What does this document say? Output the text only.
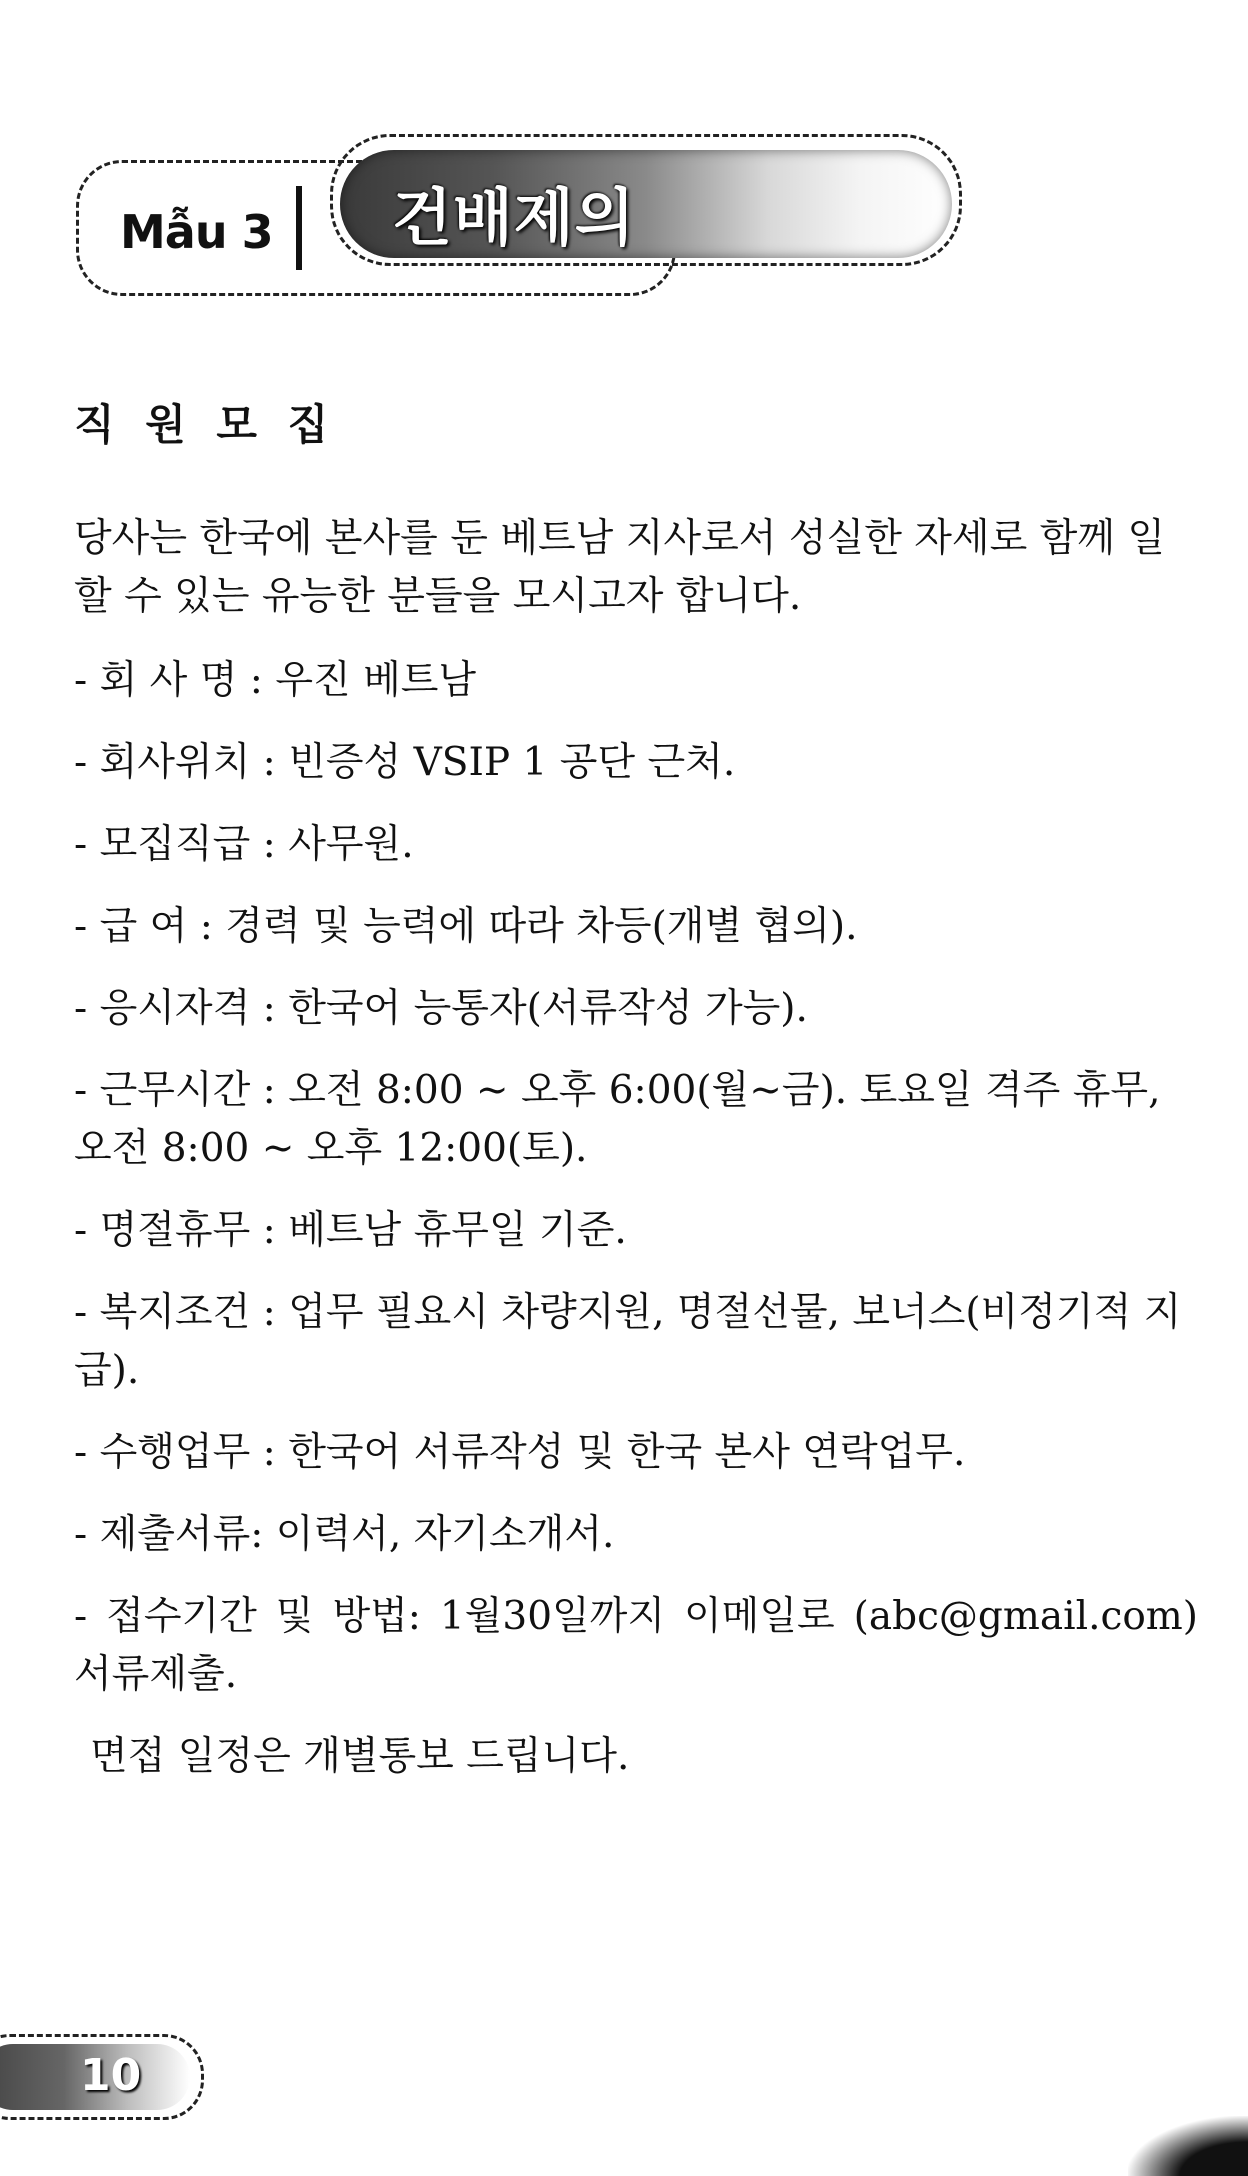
Mẫu 3 건배제의
직 원 모 집

당사는 한국에 본사를 둔 베트남 지사로서 성실한 자세로 함께 일할 수 있는 유능한 분들을 모시고자 합니다.

- 회 사 명 : 우진 베트남

- 회사위치 : 빈증성 VSIP 1 공단 근처.

- 모집직급 : 사무원.

- 급 여 : 경력 및 능력에 따라 차등(개별 협의).

- 응시자격 : 한국어 능통자(서류작성 가능).

- 근무시간 : 오전 8:00 ~ 오후 6:00(월~금). 토요일 격주 휴무, 오전 8:00 ~ 오후 12:00(토).

- 명절휴무 : 베트남 휴무일 기준.

- 복지조건 : 업무 필요시 차량지원, 명절선물, 보너스(비정기적 지급).

- 수행업무 : 한국어 서류작성 및 한국 본사 연락업무.

- 제출서류: 이력서, 자기소개서.

- 접수기간 및 방법: 1월30일까지 이메일로 (abc@gmail.com) 서류제출.

면접 일정은 개별통보 드립니다.

10
